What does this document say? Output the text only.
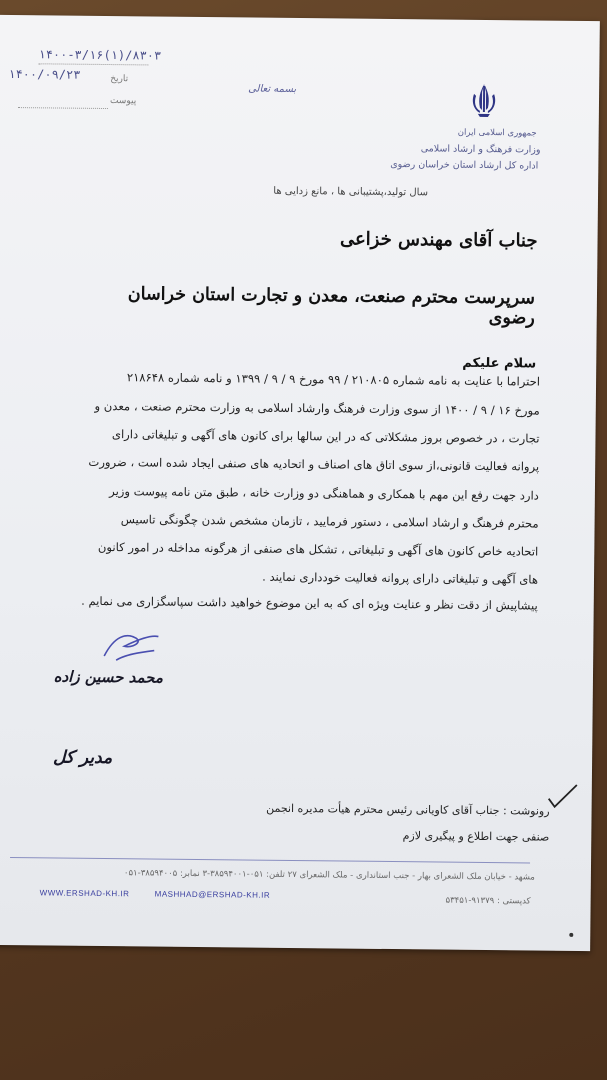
۱۴۰۰-۳/۱۶(۱)/۸۳۰۳
تاریخ
۱۴۰۰/۰۹/۲۳
پیوست
بسمه تعالی
جمهوری اسلامی ایران
وزارت فرهنگ و ارشاد اسلامی
اداره کل ارشاد استان خراسان رضوی
سال تولید،پشتیبانی ها ، مانع زدایی ها
جناب آقای مهندس خزاعی
سرپرست محترم صنعت، معدن و تجارت استان خراسان رضوی
سلام علیکم
احتراما با عنایت به نامه شماره ۲۱۰۸۰۵ / ۹۹ مورخ ۹ / ۹ / ۱۳۹۹ و نامه شماره ۲۱۸۶۴۸
مورخ ۱۶ / ۹ / ۱۴۰۰ از سوی وزارت فرهنگ وارشاد اسلامی به وزارت محترم صنعت ، معدن و
تجارت ، در خصوص بروز مشکلاتی که در این سالها برای کانون های آگهی و تبلیغاتی دارای
پروانه فعالیت قانونی،از سوی اتاق های اصناف و اتحادیه های صنفی ایجاد شده است ، ضرورت
دارد جهت رفع این مهم با همکاری و هماهنگی دو وزارت خانه ، طبق متن نامه پیوست وزیر
محترم فرهنگ و ارشاد اسلامی ، دستور فرمایید ، تازمان مشخص شدن چگونگی تاسیس
اتحادیه خاص کانون های آگهی و تبلیغاتی ، تشکل های صنفی از هرگونه مداخله در امور کانون
های آگهی و تبلیغاتی دارای پروانه فعالیت خودداری نمایند .
پیشاپیش از دقت نظر و عنایت ویژه ای که به این موضوع خواهید داشت سپاسگزاری می نمایم .
محمد حسین زاده
مدیر کل
رونوشت : جناب آقای کاویانی رئیس محترم هیأت مدیره انجمن
صنفی جهت اطلاع و پیگیری لازم
مشهد - خیابان ملک الشعرای بهار - جنب استانداری - ملک الشعرای ۲۷ تلفن: ۰۵۱-۳۸۵۹۴۰۰۱-۳ نمابر: ۳۸۵۹۴۰۰۵-۰۵۱
کدپستی : ۹۱۳۷۹-۵۳۴۵۱
WWW.ERSHAD-KH.IR	MASHHAD@ERSHAD-KH.IR
